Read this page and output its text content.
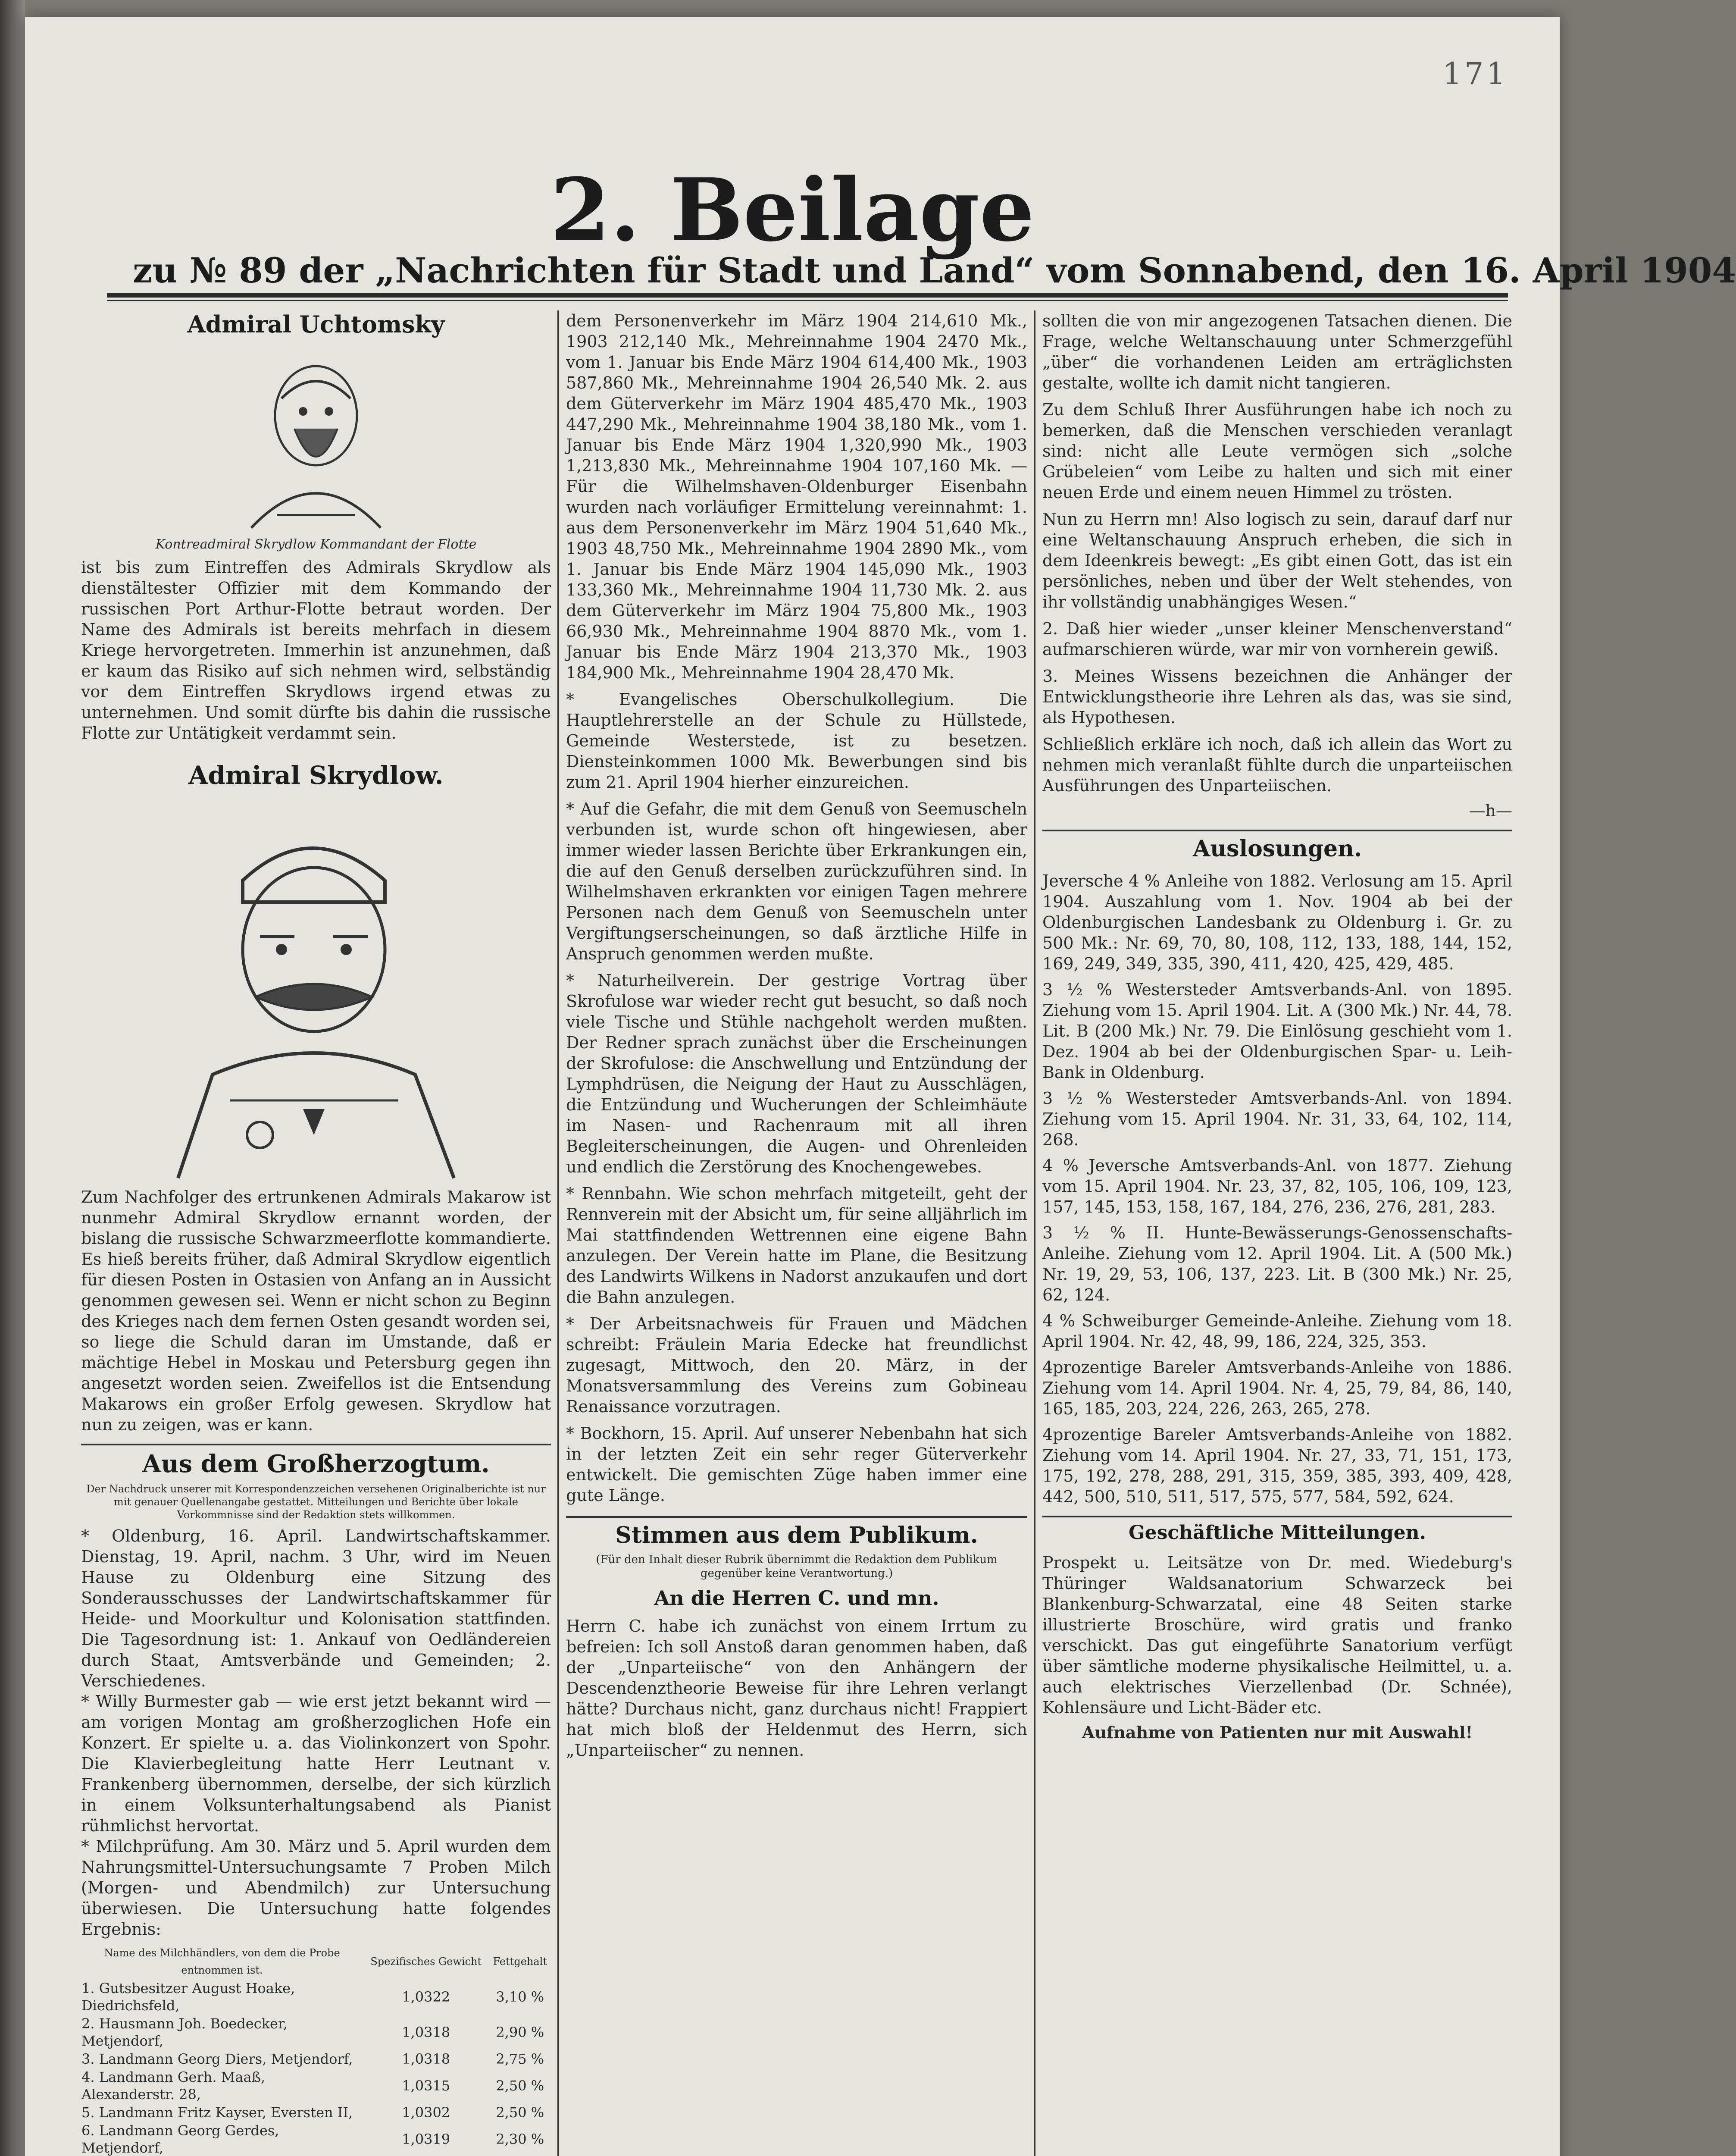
171
2. Beilage
zu № 89 der „Nachrichten für Stadt und Land“ vom Sonnabend, den 16. April 1904
Admiral Uchtomsky
Kontreadmiral Skrydlow Kommandant der Flotte

ist bis zum Eintreffen des Admirals Skrydlow als dienstältester Offizier mit dem Kommando der russischen Port Arthur-Flotte betraut worden. Der Name des Admirals ist bereits mehrfach in diesem Kriege hervorgetreten. Immerhin ist anzunehmen, daß er kaum das Risiko auf sich nehmen wird, selbständig vor dem Eintreffen Skrydlows irgend etwas zu unternehmen. Und somit dürfte bis dahin die russische Flotte zur Untätigkeit verdammt sein.

Admiral Skrydlow.

Zum Nachfolger des ertrunkenen Admirals Makarow ist nunmehr Admiral Skrydlow ernannt worden, der bislang die russische Schwarzmeerflotte kommandierte. Es hieß bereits früher, daß Admiral Skrydlow eigentlich für diesen Posten in Ostasien von Anfang an in Aussicht genommen gewesen sei. Wenn er nicht schon zu Beginn des Krieges nach dem fernen Osten gesandt worden sei, so liege die Schuld daran im Umstande, daß er mächtige Hebel in Moskau und Petersburg gegen ihn angesetzt worden seien. Zweifellos ist die Entsendung Makarows ein großer Erfolg gewesen. Skrydlow hat nun zu zeigen, was er kann.

Aus dem Großherzogtum.

Der Nachdruck unserer mit Korrespondenzzeichen versehenen Originalberichte ist nur mit genauer Quellenangabe gestattet. Mitteilungen und Berichte über lokale Vorkommnisse sind der Redaktion stets willkommen.

* Oldenburg, 16. April. Landwirtschaftskammer. Dienstag, 19. April, nachm. 3 Uhr, wird im Neuen Hause zu Oldenburg eine Sitzung des Sonderausschusses der Landwirtschaftskammer für Heide- und Moorkultur und Kolonisation stattfinden. Die Tagesordnung ist: 1. Ankauf von Oedländereien durch Staat, Amtsverbände und Gemeinden; 2. Verschiedenes.

* Willy Burmester gab — wie erst jetzt bekannt wird — am vorigen Montag am großherzoglichen Hofe ein Konzert. Er spielte u. a. das Violinkonzert von Spohr. Die Klavierbegleitung hatte Herr Leutnant v. Frankenberg übernommen, derselbe, der sich kürzlich in einem Volksunterhaltungsabend als Pianist rühmlichst hervortat.

* Milchprüfung. Am 30. März und 5. April wurden dem Nahrungsmittel-Untersuchungsamte 7 Proben Milch (Morgen- und Abendmilch) zur Untersuchung überwiesen. Die Untersuchung hatte folgendes Ergebnis:

Name des Milchhändlers, von dem die Probe entnommen ist.	Spezifisches Gewicht	Fettgehalt
1. Gutsbesitzer August Hoake, Diedrichsfeld,	1,0322	3,10 %
2. Hausmann Joh. Boedecker, Metjendorf,	1,0318	2,90 %
3. Landmann Georg Diers, Metjendorf,	1,0318	2,75 %
4. Landmann Gerh. Maaß, Alexanderstr. 28,	1,0315	2,50 %
5. Landmann Fritz Kayser, Eversten II,	1,0302	2,50 %
6. Landmann Georg Gerdes, Metjendorf,	1,0319	2,30 %

dem Personenverkehr im März 1904 214,610 Mk., 1903 212,140 Mk., Mehreinnahme 1904 2470 Mk., vom 1. Januar bis Ende März 1904 614,400 Mk., 1903 587,860 Mk., Mehreinnahme 1904 26,540 Mk. 2. aus dem Güterverkehr im März 1904 485,470 Mk., 1903 447,290 Mk., Mehreinnahme 1904 38,180 Mk., vom 1. Januar bis Ende März 1904 1,320,990 Mk., 1903 1,213,830 Mk., Mehreinnahme 1904 107,160 Mk. — Für die Wilhelmshaven-Oldenburger Eisenbahn wurden nach vorläufiger Ermittelung vereinnahmt: 1. aus dem Personenverkehr im März 1904 51,640 Mk., 1903 48,750 Mk., Mehreinnahme 1904 2890 Mk., vom 1. Januar bis Ende März 1904 145,090 Mk., 1903 133,360 Mk., Mehreinnahme 1904 11,730 Mk. 2. aus dem Güterverkehr im März 1904 75,800 Mk., 1903 66,930 Mk., Mehreinnahme 1904 8870 Mk., vom 1. Januar bis Ende März 1904 213,370 Mk., 1903 184,900 Mk., Mehreinnahme 1904 28,470 Mk.

* Evangelisches Oberschulkollegium. Die Hauptlehrerstelle an der Schule zu Hüllstede, Gemeinde Westerstede, ist zu besetzen. Diensteinkommen 1000 Mk. Bewerbungen sind bis zum 21. April 1904 hierher einzureichen.

* Auf die Gefahr, die mit dem Genuß von Seemuscheln verbunden ist, wurde schon oft hingewiesen, aber immer wieder lassen Berichte über Erkrankungen ein, die auf den Genuß derselben zurückzuführen sind. In Wilhelmshaven erkrankten vor einigen Tagen mehrere Personen nach dem Genuß von Seemuscheln unter Vergiftungserscheinungen, so daß ärztliche Hilfe in Anspruch genommen werden mußte.

* Naturheilverein. Der gestrige Vortrag über Skrofulose war wieder recht gut besucht, so daß noch viele Tische und Stühle nachgeholt werden mußten. Der Redner sprach zunächst über die Erscheinungen der Skrofulose: die Anschwellung und Entzündung der Lymphdrüsen, die Neigung der Haut zu Ausschlägen, die Entzündung und Wucherungen der Schleimhäute im Nasen- und Rachenraum mit all ihren Begleiterscheinungen, die Augen- und Ohrenleiden und endlich die Zerstörung des Knochengewebes.

* Rennbahn. Wie schon mehrfach mitgeteilt, geht der Rennverein mit der Absicht um, für seine alljährlich im Mai stattfindenden Wettrennen eine eigene Bahn anzulegen. Der Verein hatte im Plane, die Besitzung des Landwirts Wilkens in Nadorst anzukaufen und dort die Bahn anzulegen.

* Der Arbeitsnachweis für Frauen und Mädchen schreibt: Fräulein Maria Edecke hat freundlichst zugesagt, Mittwoch, den 20. März, in der Monatsversammlung des Vereins zum Gobineau Renaissance vorzutragen.

* Bockhorn, 15. April. Auf unserer Nebenbahn hat sich in der letzten Zeit ein sehr reger Güterverkehr entwickelt. Die gemischten Züge haben immer eine gute Länge.

Stimmen aus dem Publikum.

(Für den Inhalt dieser Rubrik übernimmt die Redaktion dem Publikum gegenüber keine Verantwortung.)

An die Herren C. und mn.

Herrn C. habe ich zunächst von einem Irrtum zu befreien: Ich soll Anstoß daran genommen haben, daß der „Unparteiische“ von den Anhängern der Descendenztheorie Beweise für ihre Lehren verlangt hätte? Durchaus nicht, ganz durchaus nicht! Frappiert hat mich bloß der Heldenmut des Herrn, sich „Unparteiischer“ zu nennen.

sollten die von mir angezogenen Tatsachen dienen. Die Frage, welche Weltanschauung unter Schmerzgefühl „über“ die vorhandenen Leiden am erträglichsten gestalte, wollte ich damit nicht tangieren.

Zu dem Schluß Ihrer Ausführungen habe ich noch zu bemerken, daß die Menschen verschieden veranlagt sind: nicht alle Leute vermögen sich „solche Grübeleien“ vom Leibe zu halten und sich mit einer neuen Erde und einem neuen Himmel zu trösten.

Nun zu Herrn mn! Also logisch zu sein, darauf darf nur eine Weltanschauung Anspruch erheben, die sich in dem Ideenkreis bewegt: „Es gibt einen Gott, das ist ein persönliches, neben und über der Welt stehendes, von ihr vollständig unabhängiges Wesen.“

2. Daß hier wieder „unser kleiner Menschenverstand“ aufmarschieren würde, war mir von vornherein gewiß.

3. Meines Wissens bezeichnen die Anhänger der Entwicklungstheorie ihre Lehren als das, was sie sind, als Hypothesen.

Schließlich erkläre ich noch, daß ich allein das Wort zu nehmen mich veranlaßt fühlte durch die unparteiischen Ausführungen des Unparteiischen.

—h—

Auslosungen.

Jeversche 4 % Anleihe von 1882. Verlosung am 15. April 1904. Auszahlung vom 1. Nov. 1904 ab bei der Oldenburgischen Landesbank zu Oldenburg i. Gr. zu 500 Mk.: Nr. 69, 70, 80, 108, 112, 133, 188, 144, 152, 169, 249, 349, 335, 390, 411, 420, 425, 429, 485.

3 ½ % Westersteder Amtsverbands-Anl. von 1895. Ziehung vom 15. April 1904. Lit. A (300 Mk.) Nr. 44, 78. Lit. B (200 Mk.) Nr. 79. Die Einlösung geschieht vom 1. Dez. 1904 ab bei der Oldenburgischen Spar- u. Leih-Bank in Oldenburg.

3 ½ % Westersteder Amtsverbands-Anl. von 1894. Ziehung vom 15. April 1904. Nr. 31, 33, 64, 102, 114, 268.

4 % Jeversche Amtsverbands-Anl. von 1877. Ziehung vom 15. April 1904. Nr. 23, 37, 82, 105, 106, 109, 123, 157, 145, 153, 158, 167, 184, 276, 236, 276, 281, 283.

3 ½ % II. Hunte-Bewässerungs-Genossenschafts-Anleihe. Ziehung vom 12. April 1904. Lit. A (500 Mk.) Nr. 19, 29, 53, 106, 137, 223. Lit. B (300 Mk.) Nr. 25, 62, 124.

4 % Schweiburger Gemeinde-Anleihe. Ziehung vom 18. April 1904. Nr. 42, 48, 99, 186, 224, 325, 353.

4prozentige Bareler Amtsverbands-Anleihe von 1886. Ziehung vom 14. April 1904. Nr. 4, 25, 79, 84, 86, 140, 165, 185, 203, 224, 226, 263, 265, 278.

4prozentige Bareler Amtsverbands-Anleihe von 1882. Ziehung vom 14. April 1904. Nr. 27, 33, 71, 151, 173, 175, 192, 278, 288, 291, 315, 359, 385, 393, 409, 428, 442, 500, 510, 511, 517, 575, 577, 584, 592, 624.

Geschäftliche Mitteilungen.

Prospekt u. Leitsätze von Dr. med. Wiedeburg's Thüringer Waldsanatorium Schwarzeck bei Blankenburg-Schwarzatal, eine 48 Seiten starke illustrierte Broschüre, wird gratis und franko verschickt. Das gut eingeführte Sanatorium verfügt über sämtliche moderne physikalische Heilmittel, u. a. auch elektrisches Vierzellenbad (Dr. Schnée), Kohlensäure und Licht-Bäder etc.

Aufnahme von Patienten nur mit Auswahl!
